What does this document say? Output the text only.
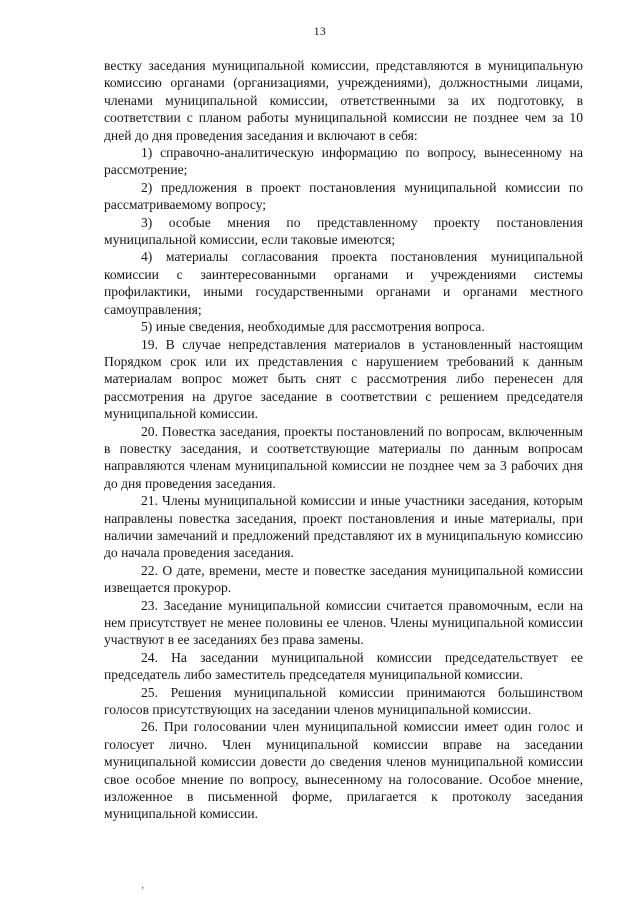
13

вестку заседания муниципальной комиссии, представляются в муниципальную комиссию органами (организациями, учреждениями), должностными лицами, членами муниципальной комиссии, ответственными за их подготовку, в соответствии с планом работы муниципальной комиссии не позднее чем за 10 дней до дня проведения заседания и включают в себя:

1) справочно-аналитическую информацию по вопросу, вынесенному на рассмотрение;

2) предложения в проект постановления муниципальной комиссии по рассматриваемому вопросу;

3) особые мнения по представленному проекту постановления муниципальной комиссии, если таковые имеются;

4) материалы согласования проекта постановления муниципальной комиссии с заинтересованными органами и учреждениями системы профилактики, иными государственными органами и органами местного самоуправления;

5) иные сведения, необходимые для рассмотрения вопроса.

19. В случае непредставления материалов в установленный настоящим Порядком срок или их представления с нарушением требований к данным материалам вопрос может быть снят с рассмотрения либо перенесен для рассмотрения на другое заседание в соответствии с решением председателя муниципальной комиссии.

20. Повестка заседания, проекты постановлений по вопросам, включенным в повестку заседания, и соответствующие материалы по данным вопросам направляются членам муниципальной комиссии не позднее чем за 3 рабочих дня до дня проведения заседания.

21. Члены муниципальной комиссии и иные участники заседания, которым направлены повестка заседания, проект постановления и иные материалы, при наличии замечаний и предложений представляют их в муниципальную комиссию до начала проведения заседания.

22. О дате, времени, месте и повестке заседания муниципальной комиссии извещается прокурор.

23. Заседание муниципальной комиссии считается правомочным, если на нем присутствует не менее половины ее членов. Члены муниципальной комиссии участвуют в ее заседаниях без права замены.

24. На заседании муниципальной комиссии председательствует ее председатель либо заместитель председателя муниципальной комиссии.

25. Решения муниципальной комиссии принимаются большинством голосов присутствующих на заседании членов муниципальной комиссии.

26. При голосовании член муниципальной комиссии имеет один голос и голосует лично. Член муниципальной комиссии вправе на заседании муниципальной комиссии довести до сведения членов муниципальной комиссии свое особое мнение по вопросу, вынесенному на голосование. Особое мнение, изложенное в письменной форме, прилагается к протоколу заседания муниципальной комиссии.

‚
